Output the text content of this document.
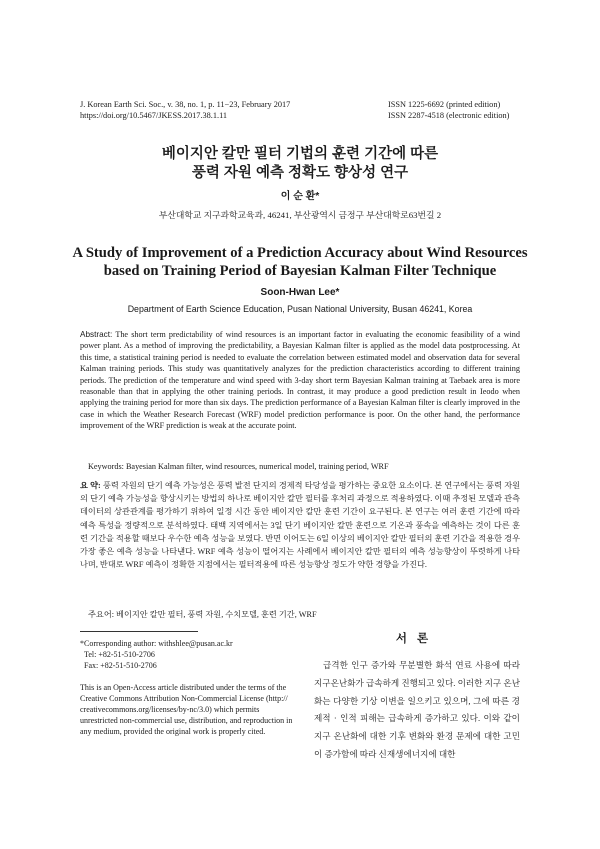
J. Korean Earth Sci. Soc., v. 38, no. 1, p. 11−23, February 2017
https://doi.org/10.5467/JKESS.2017.38.1.11
ISSN 1225-6692 (printed edition)
ISSN 2287-4518 (electronic edition)
베이지안 칼만 필터 기법의 훈련 기간에 따른
풍력 자원 예측 정확도 향상성 연구
이 순 환*
부산대학교 지구과학교육과, 46241, 부산광역시 금정구 부산대학로63번길 2
A Study of Improvement of a Prediction Accuracy about Wind Resources
based on Training Period of Bayesian Kalman Filter Technique
Soon-Hwan Lee*
Department of Earth Science Education, Pusan National University, Busan 46241, Korea
Abstract: The short term predictability of wind resources is an important factor in evaluating the economic feasibility of a wind power plant. As a method of improving the predictability, a Bayesian Kalman filter is applied as the model data postprocessing. At this time, a statistical training period is needed to evaluate the correlation between estimated model and observation data for several Kalman training periods. This study was quantitatively analyzes for the prediction characteristics according to different training periods. The prediction of the temperature and wind speed with 3-day short term Bayesian Kalman training at Taebaek area is more reasonable than that in applying the other training periods. In contrast, it may produce a good prediction result in Ieodo when applying the training period for more than six days. The prediction performance of a Bayesian Kalman filter is clearly improved in the case in which the Weather Research Forecast (WRF) model prediction performance is poor. On the other hand, the performance improvement of the WRF prediction is weak at the accurate point.
Keywords: Bayesian Kalman filter, wind resources, numerical model, training period, WRF
요 약: 풍력 자원의 단기 예측 가능성은 풍력 발전 단지의 경제적 타당성을 평가하는 중요한 요소이다. 본 연구에서는 풍력 자원의 단기 예측 가능성을 향상시키는 방법의 하나로 베이지안 칼만 필터를 후처리 과정으로 적용하였다. 이때 추정된 모델과 관측 데이터의 상관관계를 평가하기 위하여 일정 시간 동안 베이지안 칼만 훈련 기간이 요구된다. 본 연구는 여러 훈련 기간에 따라 예측 특성을 정량적으로 분석하였다. 태백 지역에서는 3일 단기 베이지안 칼만 훈련으로 기온과 풍속을 예측하는 것이 다른 훈련 기간을 적용할 때보다 우수한 예측 성능을 보였다. 반면 이어도는 6일 이상의 베이지안 칼만 필터의 훈련 기간을 적용한 경우 가장 좋은 예측 성능을 나타낸다. WRF 예측 성능이 떨어지는 사례에서 베이지안 칼만 필터의 예측 성능향상이 뚜렷하게 나타나며, 반대로 WRF 예측이 정확한 지점에서는 필터적용에 따른 성능향상 정도가 약한 경향을 가진다.
주요어: 베이지안 칼만 필터, 풍력 자원, 수치모델, 훈련 기간, WRF
*Corresponding author: withshlee@pusan.ac.kr
Tel: +82-51-510-2706
Fax: +82-51-510-2706
This is an Open-Access article distributed under the terms of the Creative Commons Attribution Non-Commercial License (http:// creativecommons.org/licenses/by-nc/3.0) which permits unrestricted non-commercial use, distribution, and reproduction in any medium, provided the original work is properly cited.
서론
급격한 인구 증가와 무분별한 화석 연료 사용에 따라 지구온난화가 급속하게 진행되고 있다. 이러한 지구 온난화는 다양한 기상 이변을 일으키고 있으며, 그에 따른 경제적 · 인적 피해는 급속하게 증가하고 있다. 이와 같이 지구 온난화에 대한 기후 변화와 환경 문제에 대한 고민이 증가함에 따라 신재생에너지에 대한
